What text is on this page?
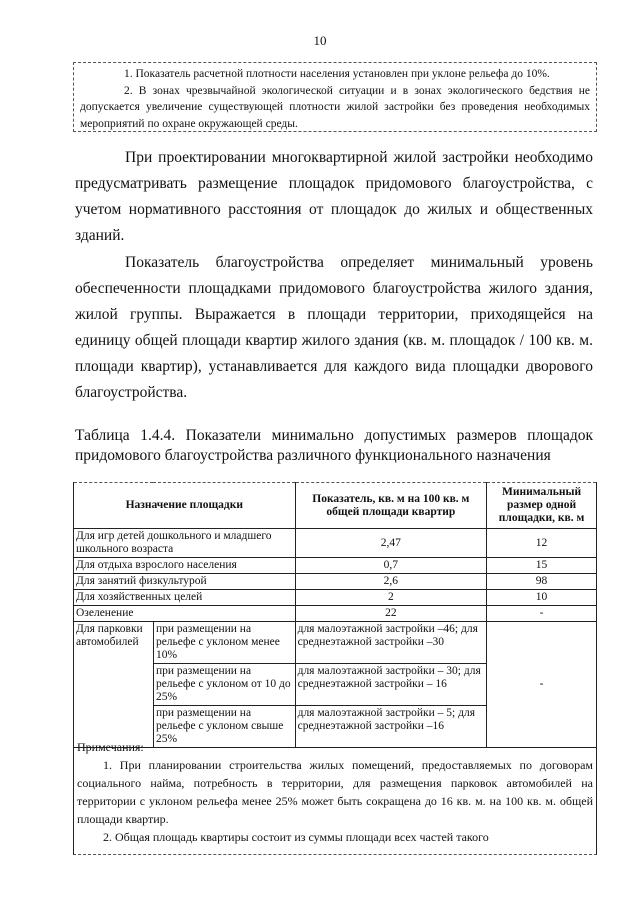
10
1. Показатель расчетной плотности населения установлен при уклоне рельефа до 10%.
2. В зонах чрезвычайной экологической ситуации и в зонах экологического бедствия не допускается увеличение существующей плотности жилой застройки без проведения необходимых мероприятий по охране окружающей среды.
При проектировании многоквартирной жилой застройки необходимо предусматривать размещение площадок придомового благоустройства, с учетом нормативного расстояния от площадок до жилых и общественных зданий.
Показатель благоустройства определяет минимальный уровень обеспеченности площадками придомового благоустройства жилого здания, жилой группы. Выражается в площади территории, приходящейся на единицу общей площади квартир жилого здания (кв. м. площадок / 100 кв. м. площади квартир), устанавливается для каждого вида площадки дворового благоустройства.
Таблица 1.4.4. Показатели минимально допустимых размеров площадок придомового благоустройства различного функционального назначения
Назначение площадки		Показатель, кв. м на 100 кв. м общей площади квартир	Минимальный размер одной площадки, кв. м
Для игр детей дошкольного и младшего школьного возраста		2,47	12
Для отдыха взрослого населения		0,7	15
Для занятий физкультурой		2,6	98
Для хозяйственных целей		2	10
Озеленение		22	-
Для парковки автомобилей	при размещении на рельефе с уклоном менее 10%	для малоэтажной застройки –46; для среднеэтажной застройки –30	-
	при размещении на рельефе с уклоном от 10 до 25%	для малоэтажной застройки – 30; для среднеэтажной застройки – 16	
	при размещении на рельефе с уклоном свыше 25%	для малоэтажной застройки – 5; для среднеэтажной застройки –16	
Примечания:
1. При планировании строительства жилых помещений, предоставляемых по договорам социального найма, потребность в территории, для размещения парковок автомобилей на территории с уклоном рельефа менее 25% может быть сокращена до 16 кв. м. на 100 кв. м. общей площади квартир.
2. Общая площадь квартиры состоит из суммы площади всех частей такого
